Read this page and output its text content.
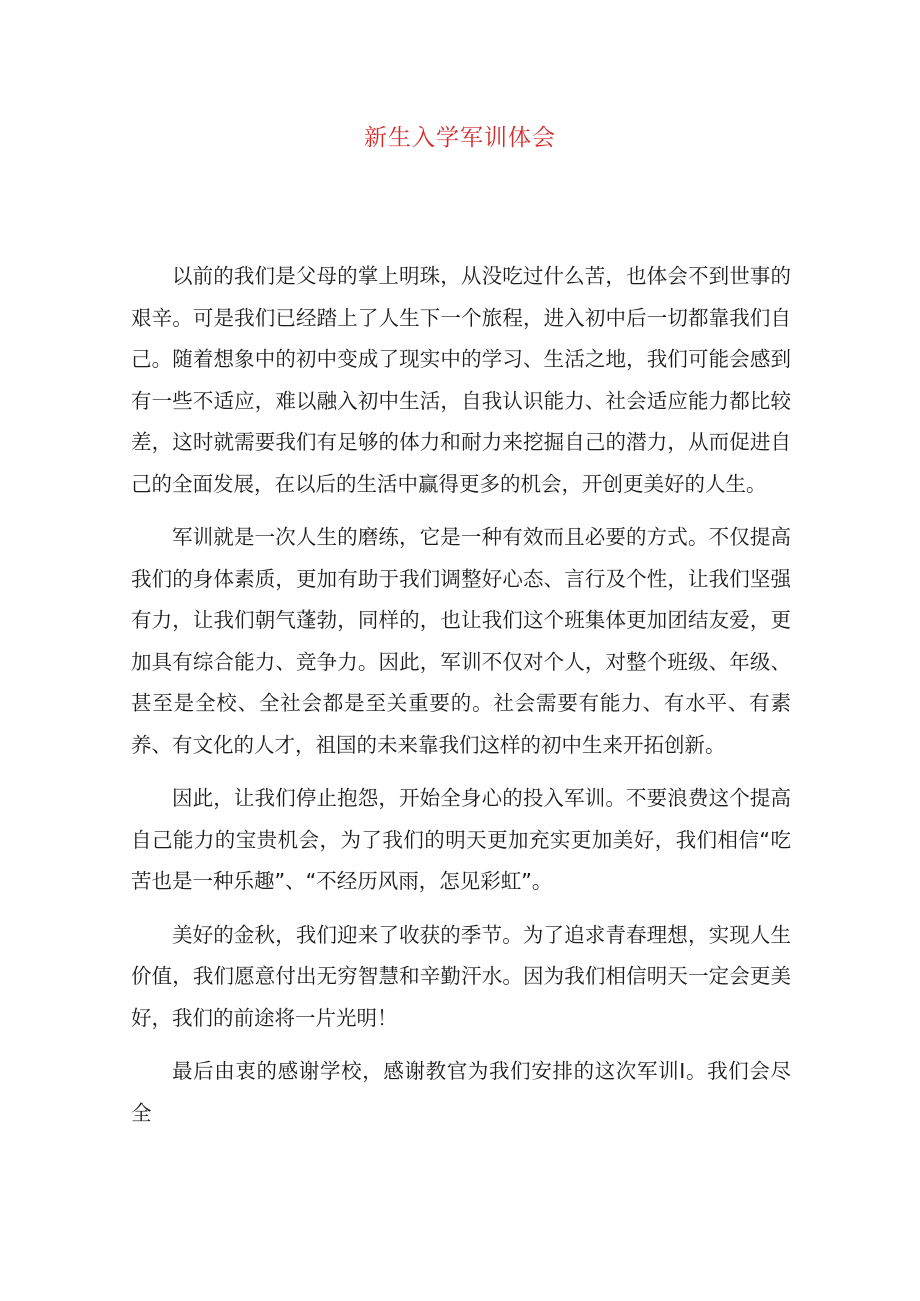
新生入学军训体会

以前的我们是父母的掌上明珠，从没吃过什么苦，也体会不到世事的艰辛。可是我们已经踏上了人生下一个旅程，进入初中后一切都靠我们自己。随着想象中的初中变成了现实中的学习、生活之地，我们可能会感到有一些不适应，难以融入初中生活，自我认识能力、社会适应能力都比较差，这时就需要我们有足够的体力和耐力来挖掘自己的潜力，从而促进自己的全面发展，在以后的生活中赢得更多的机会，开创更美好的人生。

军训就是一次人生的磨练，它是一种有效而且必要的方式。不仅提高我们的身体素质，更加有助于我们调整好心态、言行及个性，让我们坚强有力，让我们朝气蓬勃，同样的，也让我们这个班集体更加团结友爱，更加具有综合能力、竞争力。因此，军训不仅对个人，对整个班级、年级、甚至是全校、全社会都是至关重要的。社会需要有能力、有水平、有素养、有文化的人才，祖国的未来靠我们这样的初中生来开拓创新。

因此，让我们停止抱怨，开始全身心的投入军训。不要浪费这个提高自己能力的宝贵机会，为了我们的明天更加充实更加美好，我们相信“吃苦也是一种乐趣”、“不经历风雨，怎见彩虹”。

美好的金秋，我们迎来了收获的季节。为了追求青春理想，实现人生价值，我们愿意付出无穷智慧和辛勤汗水。因为我们相信明天一定会更美好，我们的前途将一片光明！

最后由衷的感谢学校，感谢教官为我们安排的这次军训I。我们会尽全
